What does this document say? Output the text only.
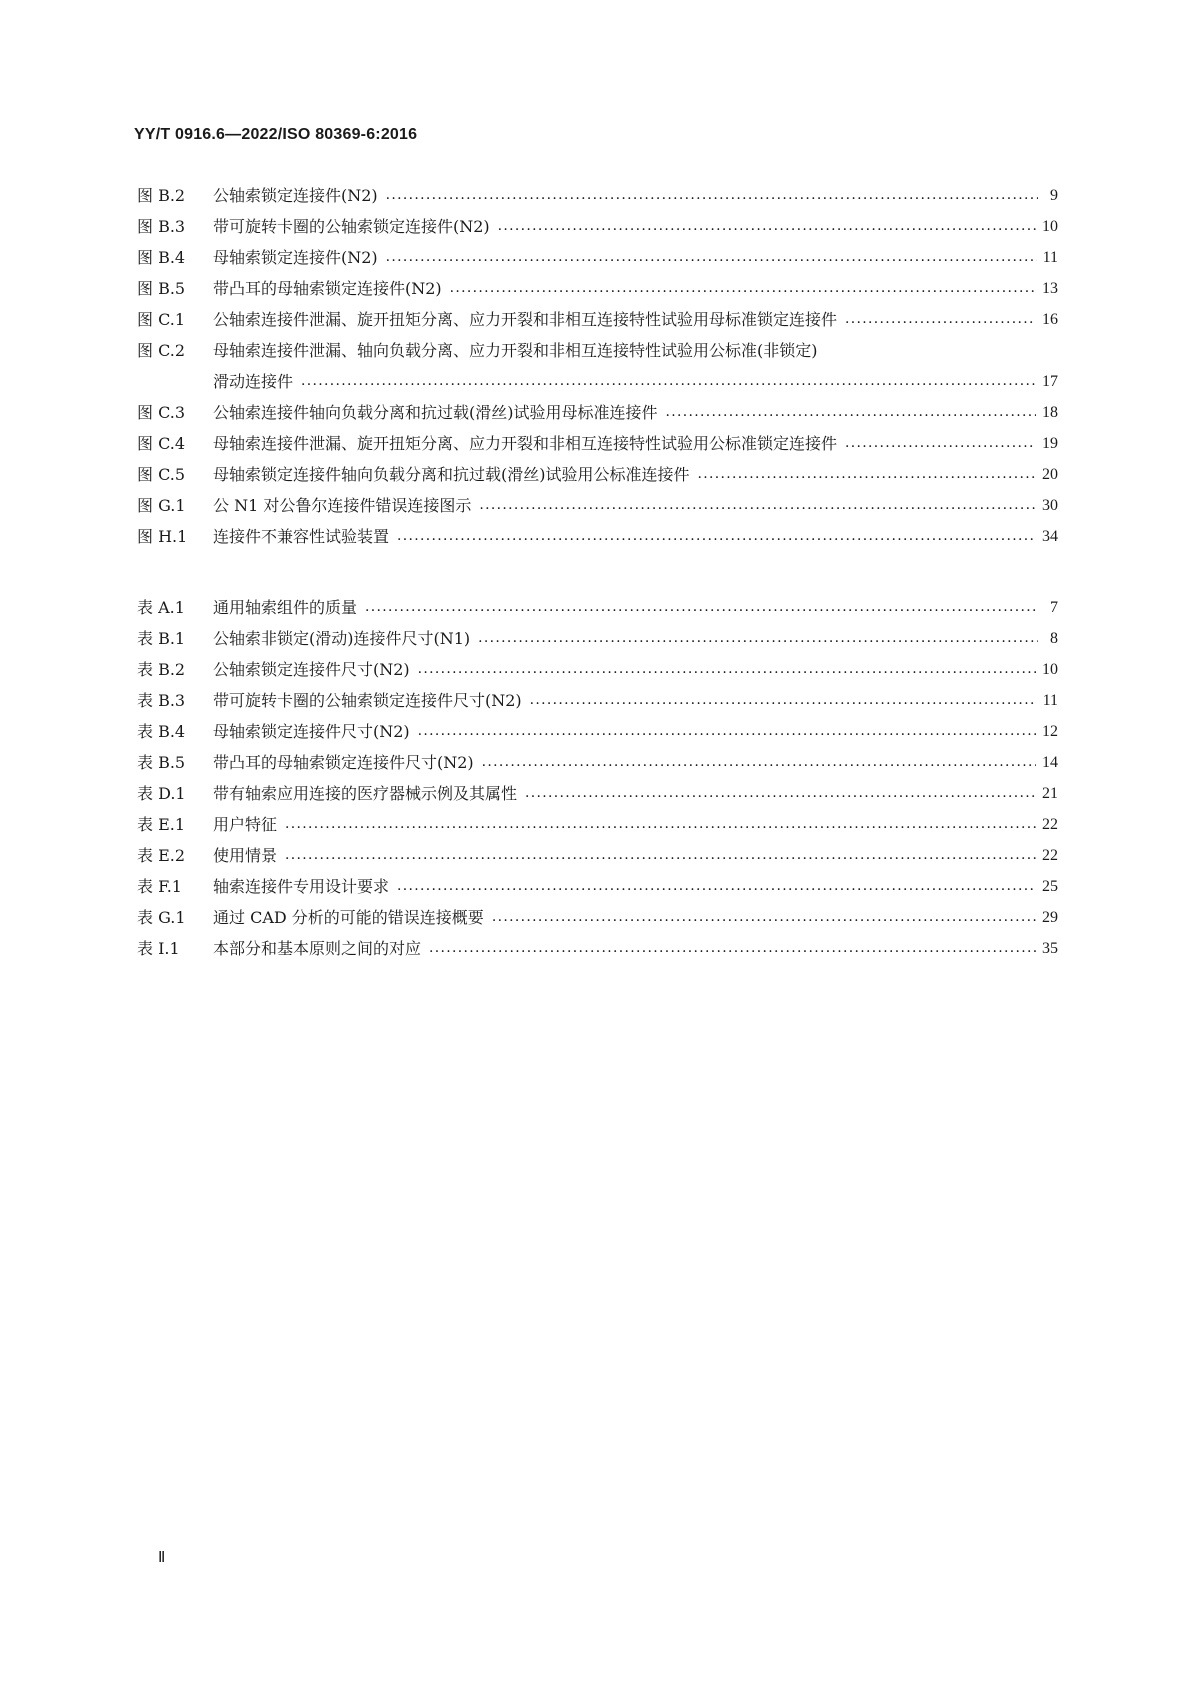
YY/T 0916.6—2022/ISO 80369-6:2016
图 B.2	公轴索锁定连接件(N2) ·····	9
图 B.3	带可旋转卡圈的公轴索锁定连接件(N2) ·····	10
图 B.4	母轴索锁定连接件(N2) ·····	11
图 B.5	带凸耳的母轴索锁定连接件(N2) ·····	13
图 C.1	公轴索连接件泄漏、旋开扭矩分离、应力开裂和非相互连接特性试验用母标准锁定连接件 ·····	16
图 C.2	母轴索连接件泄漏、轴向负载分离、应力开裂和非相互连接特性试验用公标准(非锁定)
滑动连接件 ·····	17
图 C.3	公轴索连接件轴向负载分离和抗过载(滑丝)试验用母标准连接件 ·····	18
图 C.4	母轴索连接件泄漏、旋开扭矩分离、应力开裂和非相互连接特性试验用公标准锁定连接件 ·····	19
图 C.5	母轴索锁定连接件轴向负载分离和抗过载(滑丝)试验用公标准连接件 ·····	20
图 G.1	公 N1 对公鲁尔连接件错误连接图示 ·····	30
图 H.1	连接件不兼容性试验装置 ·····	34
表 A.1	通用轴索组件的质量 ·····	7
表 B.1	公轴索非锁定(滑动)连接件尺寸(N1) ·····	8
表 B.2	公轴索锁定连接件尺寸(N2) ·····	10
表 B.3	带可旋转卡圈的公轴索锁定连接件尺寸(N2) ·····	11
表 B.4	母轴索锁定连接件尺寸(N2) ·····	12
表 B.5	带凸耳的母轴索锁定连接件尺寸(N2) ·····	14
表 D.1	带有轴索应用连接的医疗器械示例及其属性 ·····	21
表 E.1	用户特征 ·····	22
表 E.2	使用情景 ·····	22
表 F.1	轴索连接件专用设计要求 ·····	25
表 G.1	通过 CAD 分析的可能的错误连接概要 ·····	29
表 I.1	本部分和基本原则之间的对应 ·····	35
Ⅱ
